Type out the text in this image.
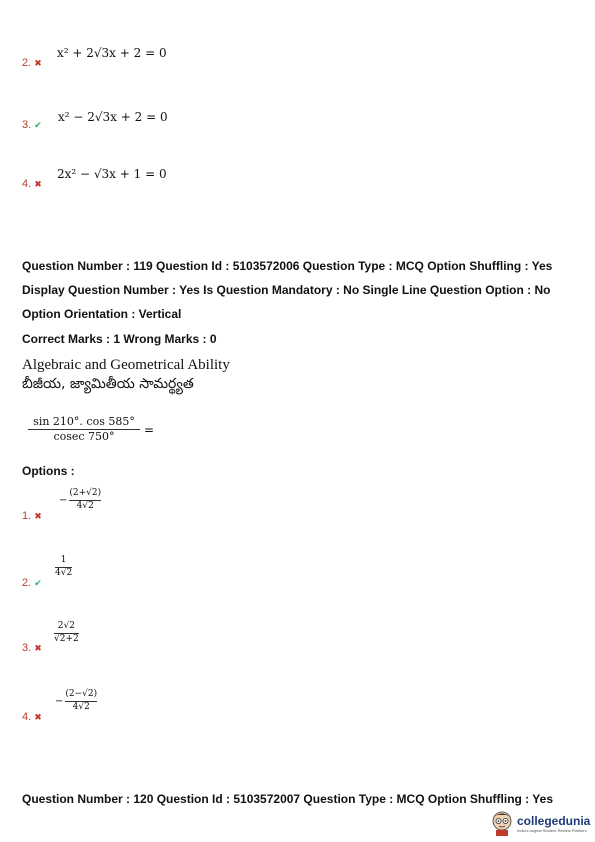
2. ✖
x² + 2√3x + 2 = 0
3. ✔
x² − 2√3x + 2 = 0
4. ✖
2x² − √3x + 1 = 0
Question Number : 119 Question Id : 5103572006 Question Type : MCQ Option Shuffling : Yes
Display Question Number : Yes Is Question Mandatory : No Single Line Question Option : No
Option Orientation : Vertical
Correct Marks : 1 Wrong Marks : 0
Algebraic and Geometrical Ability
బీజీయ, జ్యామితీయ సామర్థ్యత
$\frac{\sin 210^\circ. \cos 585^\circ}{cosec 750^\circ}$ =
Options :
1. ✖
− $\frac{(2+√2)}{4√2}$
2. ✔
$\frac{1}{4√2}$
3. ✖
$\frac{2√2}{√2+2}$
4. ✖
− $\frac{(2-√2)}{4√2}$
Question Number : 120 Question Id : 5103572007 Question Type : MCQ Option Shuffling : Yes
collegedunia
India's largest Student Review Platform
